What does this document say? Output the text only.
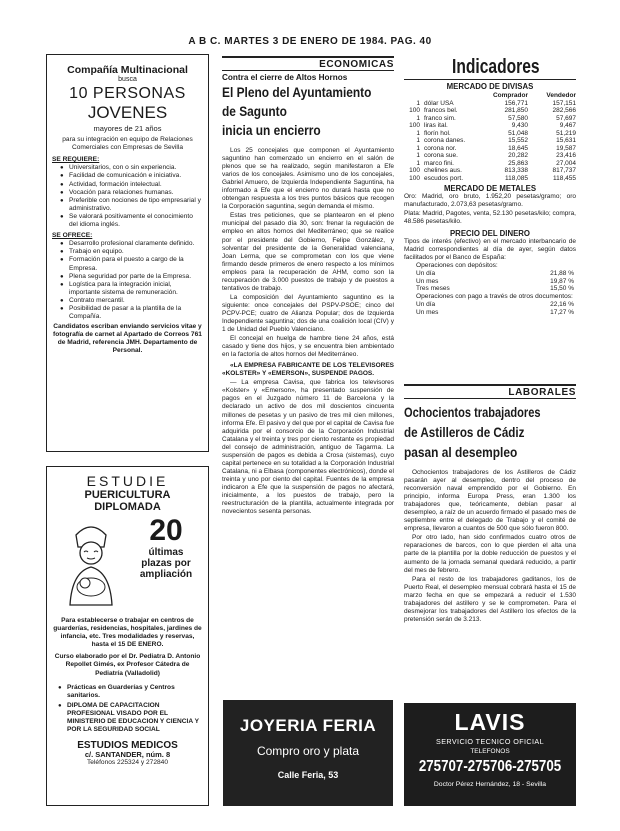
A B C. MARTES 3 DE ENERO DE 1984. PAG. 40
Compañía Multinacional
busca
10 PERSONAS
JOVENES
mayores de 21 años
para su integración en equipo de Relaciones Comerciales con Empresas de Sevilla
SE REQUIERE:
● Universitarios, con o sin experiencia.
● Facilidad de comunicación e iniciativa.
● Actividad, formación intelectual.
● Vocación para relaciones humanas.
● Preferible con nociones de tipo empresarial y administrativo.
● Se valorará positivamente el conocimiento del idioma inglés.
SE OFRECE:
● Desarrollo profesional claramente definido.
● Trabajo en equipo.
● Formación para el puesto a cargo de la Empresa.
● Plena seguridad por parte de la Empresa.
● Logística para la integración inicial, importante sistema de remuneración.
● Contrato mercantil.
● Posibilidad de pasar a la plantilla de la Compañía.
Candidatos escriban enviando servicios vitae y fotografía de carnet al Apartado de Correos 761 de Madrid, referencia JMH. Departamento de Personal.
ESTUDIE
PUERICULTURA DIPLOMADA
20
últimas
plazas por
ampliación
Para establecerse o trabajar en centros de guarderías, residencias, hospitales, jardines de infancia, etc. Tres modalidades y reservas, hasta el 15 DE ENERO.
Curso elaborado por el Dr. Pediatra D. Antonio Repollet Gimés, ex Profesor Cátedra de Pediatría (Valladolid)
● Prácticas en Guarderías y Centros sanitarios.
● DIPLOMA DE CAPACITACION PROFESIONAL VISADO POR EL MINISTERIO DE EDUCACION Y CIENCIA Y POR LA SEGURIDAD SOCIAL
ESTUDIOS MEDICOS
c/. SANTANDER, núm. 8
Teléfonos 225324 y 272840
ECONOMICAS
Contra el cierre de Altos Hornos
El Pleno del Ayuntamiento
de Sagunto
inicia un encierro

Los 25 concejales que componen el Ayuntamiento saguntino han comenzado un encierro en el salón de plenos que se ha realizado, según manifestaron a Efe varios de los concejales. Asimismo uno de los concejales, Gabriel Amuero, de Izquierda Independiente Saguntina, ha informado a Efe que el encierro no durará hasta que no obtengan respuesta a los tres puntos básicos que recogen la Corporación saguntina, según demanda el mismo.

Estas tres peticiones, que se plantearon en el pleno municipal del pasado día 30, son: frenar la regulación de empleo en altos hornos del Mediterráneo; que se realice por el presidente del Gobierno, Felipe González, y solventar del presidente de la Generalidad valenciana, Joan Lerma, que se comprometan con los que viene firmando desde primeros de enero respecto a los mínimos empleos para la recuperación de AHM, como son la recuperación de 3.000 puestos de trabajo y de puestos a tentativos de trabajo.

La composición del Ayuntamiento saguntino es la siguiente: once concejales del PSPV-PSOE; cinco del PCPV-PCE; cuatro de Alianza Popular; dos de Izquierda Independiente saguntina; dos de una coalición local (CIV) y 1 de Unidad del Pueblo Valenciano.

El concejal en huelga de hambre tiene 24 años, está casado y tiene dos hijos, y se encuentra bien ambientado en la factoría de altos hornos del Mediterráneo.

«LA EMPRESA FABRICANTE DE LOS TELEVISORES «KOLSTER» Y «EMERSON», SUSPENDE PAGOS.

— La empresa Cavisa, que fabrica los televisores «Kolster» y «Emerson», ha presentado suspensión de pagos en el Juzgado número 11 de Barcelona y la declarado un activo de dos mil doscientos cincuenta millones de pesetas y un pasivo de tres mil cien millones, informa Efe. El pasivo y del que por el capital de Cavisa fue adquirida por el consorcio de la Corporación Industrial Catalana y el treinta y tres por ciento restante es propiedad del consejo de administración, antiguo de Tagarma. La suspensión de pagos es debida a Crosa (sistemas), cuyo capital pertenece en su totalidad a la Corporación Industrial Catalana, ni a Elbasa (componentes electrónicos), donde el treinta y uno por ciento del capital. Fuentes de la empresa indicaron a Efe que la suspensión de pagos no afectará, inicialmente, a los puestos de trabajo, pero la reestructuración de la plantilla, actualmente integrada por novecientos sesenta personas.

JOYERIA FERIA
Compro oro y plata
Calle Feria, 53
Indicadores
MERCADO DE DIVISAS
	Comprador	Vendedor
1 dólar USA	156,771	157,151
100 francos bel.	281,850	282,566
1 franco sim.	57,580	57,697
100 liras ital.	9,430	9,467
1 florín hol.	51,048	51,219
1 corona danes.	15,552	15,631
1 corona nor.	18,645	19,587
1 corona sue.	20,282	23,416
1 marco fini.	25,863	27,004
100 chelines aus.	813,338	817,737
100 escudos port.	118,085	118,455
MERCADO DE METALES
Oro: Madrid, oro bruto, 1.952,20 pesetas/gramo; oro manufacturado, 2.073,63 pesetas/gramo.
Plata: Madrid, Pagotes, venta, 52.130 pesetas/kilo; compra, 48.586 pesetas/kilo.
PRECIO DEL DINERO
Tipos de interés (efectivo) en el mercado interbancario de Madrid correspondientes al día de ayer, según datos facilitados por el Banco de España:
Operaciones con depósitos:
Un día	21,88 %
Un mes	19,87 %
Tres meses	15,50 %
Operaciones con pago a través de otros documentos:
Un día	22,16 %
Un mes	17,27 %
LABORALES
Ochocientos trabajadores
de Astilleros de Cádiz
pasan al desempleo

Ochocientos trabajadores de los Astilleros de Cádiz pasarán ayer al desempleo, dentro del proceso de reconversión naval emprendido por el Gobierno. En principio, informa Europa Press, eran 1.300 los trabajadores que, teóricamente, debían pasar al desempleo, a raíz de un acuerdo firmado el pasado mes de septiembre entre el delegado de Trabajo y el comité de empresa, llevaron a cuantos de 500 que sólo fueron 800.

Por otro lado, han sido confirmados cuatro otros de reparaciones de barcos, con lo que pierden el alta una parte de la plantilla por la doble reducción de puestos y el aumento de la jornada semanal quedará reducido, a partir del mes de febrero.

Para el resto de los trabajadores gaditanos, los de Puerto Real, el desempleo mensual cobrará hasta el 15 de marzo fecha en que se empezará a reducir el 1.530 trabajadores del astillero y se le comprometen. Para el desmejorar los trabajadores del Astillero los efectos de la pretensión serán de 3.213.

LAVIS
SERVICIO TECNICO OFICIAL
TELEFONOS
275707-275706-275705
Doctor Pérez Hernández, 18 - Sevilla
